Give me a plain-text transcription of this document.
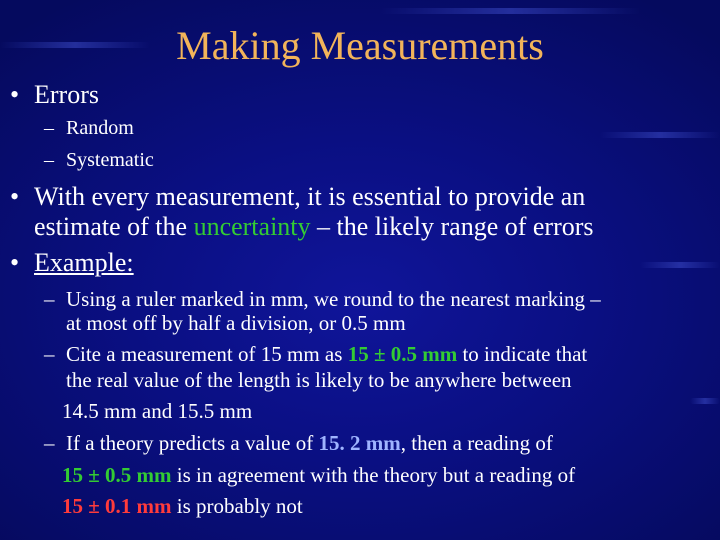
Making Measurements
• Errors
– Random
– Systematic
• With every measurement, it is essential to provide an
estimate of the uncertainty – the likely range of errors
• Example:
– Using a ruler marked in mm, we round to the nearest marking –
at most off by half a division, or 0.5 mm
– Cite a measurement of 15 mm as 15 ± 0.5 mm to indicate that
the real value of the length is likely to be anywhere between
14.5 mm and 15.5 mm
– If a theory predicts a value of 15. 2 mm, then a reading of
15 ± 0.5 mm is in agreement with the theory but a reading of
15 ± 0.1 mm is probably not
